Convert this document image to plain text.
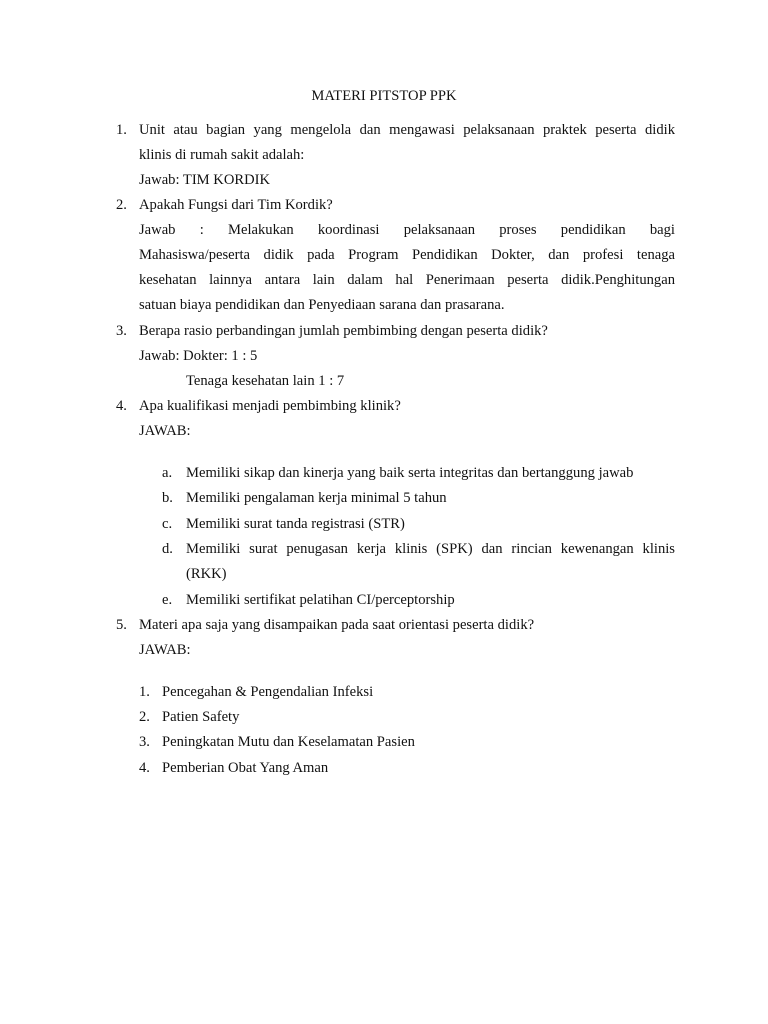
MATERI PITSTOP PPK
1. Unit atau bagian yang mengelola dan mengawasi pelaksanaan praktek peserta didik
klinis di rumah sakit adalah:
Jawab: TIM KORDIK
2. Apakah Fungsi dari Tim Kordik?
Jawab : Melakukan koordinasi pelaksanaan proses pendidikan bagi
Mahasiswa/peserta didik pada Program Pendidikan Dokter, dan profesi tenaga
kesehatan lainnya antara lain dalam hal Penerimaan peserta didik.Penghitungan
satuan biaya pendidikan dan Penyediaan sarana dan prasarana.
3. Berapa rasio perbandingan jumlah pembimbing dengan peserta didik?
Jawab: Dokter: 1 : 5
Tenaga kesehatan lain 1 : 7
4. Apa kualifikasi menjadi pembimbing klinik?
JAWAB:
a. Memiliki sikap dan kinerja yang baik serta integritas dan bertanggung jawab
b. Memiliki pengalaman kerja minimal 5 tahun
c. Memiliki surat tanda registrasi (STR)
d. Memiliki surat penugasan kerja klinis (SPK) dan rincian kewenangan klinis
(RKK)
e. Memiliki sertifikat pelatihan CI/perceptorship
5. Materi apa saja yang disampaikan pada saat orientasi peserta didik?
JAWAB:
1. Pencegahan & Pengendalian Infeksi
2. Patien Safety
3. Peningkatan Mutu dan Keselamatan Pasien
4. Pemberian Obat Yang Aman
